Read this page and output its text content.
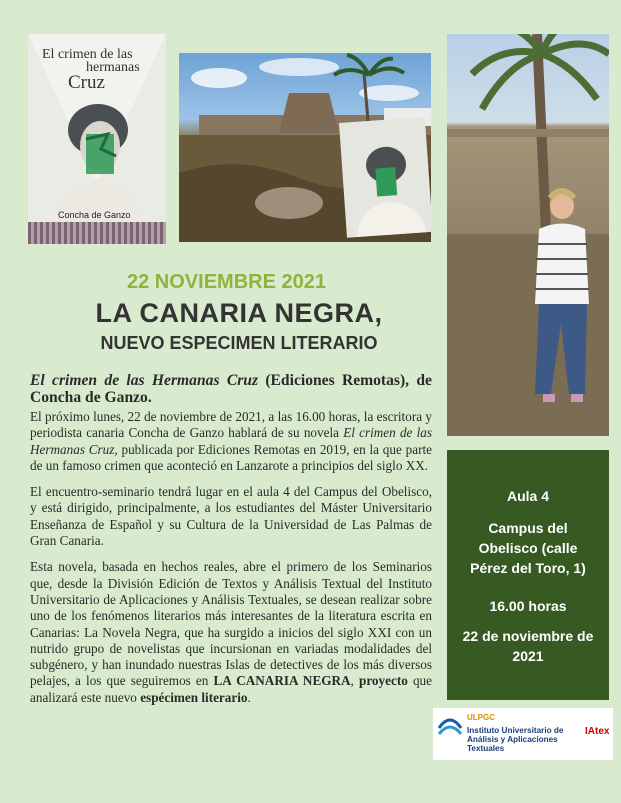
El crimen de las
hermanas
Cruz
Concha de Ganzo
22 NOVIEMBRE 2021
LA CANARIA NEGRA,
NUEVO ESPECIMEN LITERARIO
El crimen de las Hermanas Cruz (Ediciones Remotas), de Concha de Ganzo.

El próximo lunes, 22 de noviembre de 2021, a las 16.00 horas, la escritora y periodista canaria Concha de Ganzo hablará de su novela El crimen de las Hermanas Cruz, publicada por Ediciones Remotas en 2019, en la que parte de un famoso crimen que aconteció en Lanzarote a principios del siglo XX.

El encuentro-seminario tendrá lugar en el aula 4 del Campus del Obelisco, y está dirigido, principalmente, a los estudiantes del Máster Universitario Enseñanza de Español y su Cultura de la Universidad de Las Palmas de Gran Canaria.

Esta novela, basada en hechos reales, abre el primero de los Seminarios que, desde la División Edición de Textos y Análisis Textual del Instituto Universitario de Aplicaciones y Análisis Textuales, se desean realizar sobre uno de los fenómenos literarios más interesantes de la literatura escrita en Canarias: La Novela Negra, que ha surgido a inicios del siglo XXI con un nutrido grupo de novelistas que incursionan en variadas modalidades del subgénero, y han inundado nuestras Islas de detectives de los más diversos pelajes, a los que seguiremos en LA CANARIA NEGRA, proyecto que analizará este nuevo espécimen literario.

Aula 4
Campus del Obelisco (calle Pérez del Toro, 1)
16.00 horas
22 de noviembre de 2021
ULPGC
Instituto Universitario de
Análisis y Aplicaciones
Textuales
IAtex
